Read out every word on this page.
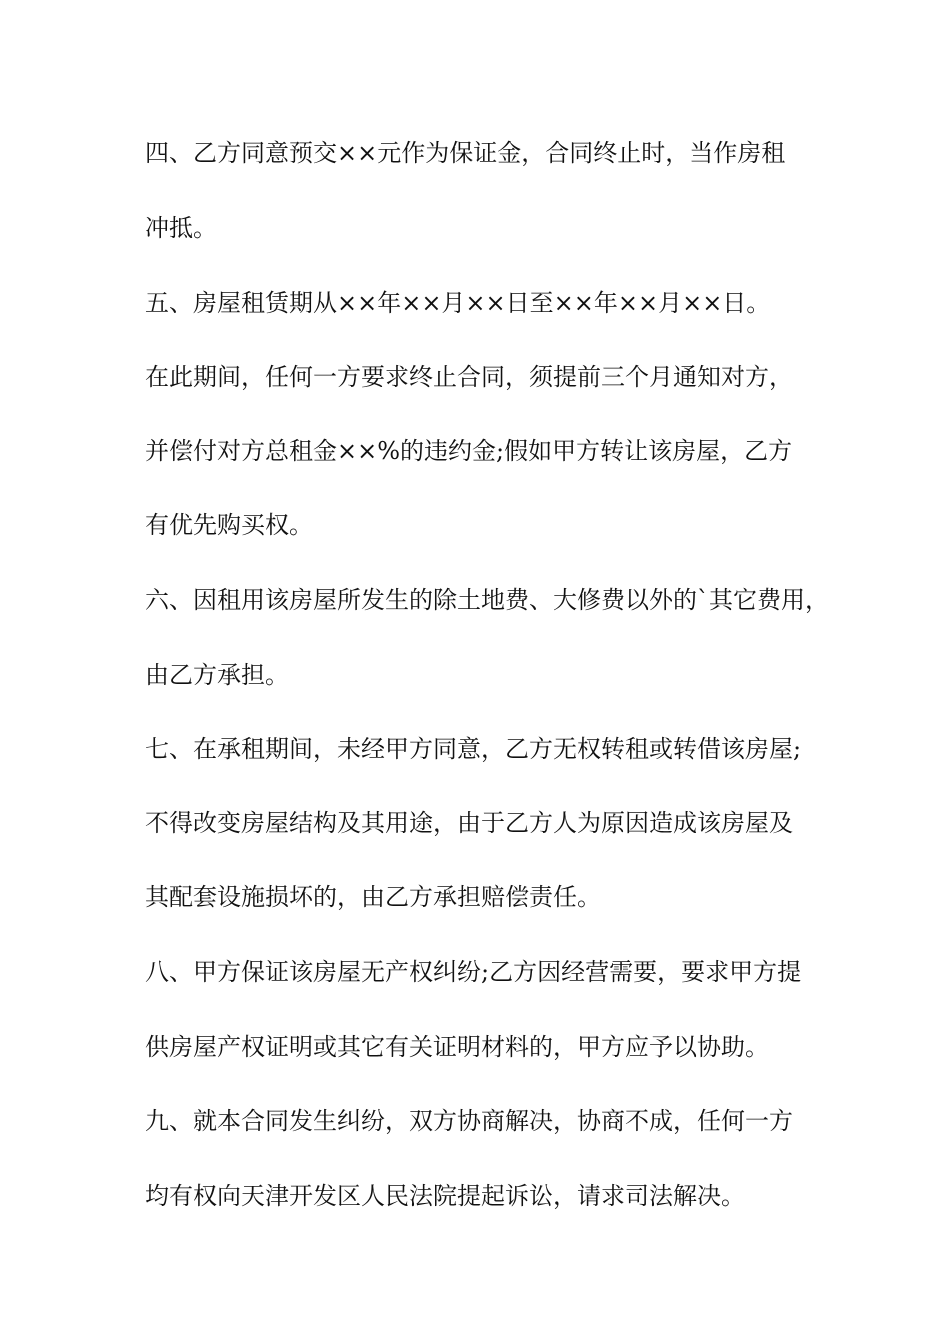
四、乙方同意预交××元作为保证金，合同终止时，当作房租
冲抵。
五、房屋租赁期从××年××月××日至××年××月××日。
在此期间，任何一方要求终止合同，须提前三个月通知对方，
并偿付对方总租金××%的违约金;假如甲方转让该房屋，乙方
有优先购买权。
六、因租用该房屋所发生的除土地费、大修费以外的`其它费用，
由乙方承担。
七、在承租期间，未经甲方同意，乙方无权转租或转借该房屋;
不得改变房屋结构及其用途，由于乙方人为原因造成该房屋及
其配套设施损坏的，由乙方承担赔偿责任。
八、甲方保证该房屋无产权纠纷;乙方因经营需要，要求甲方提
供房屋产权证明或其它有关证明材料的，甲方应予以协助。
九、就本合同发生纠纷，双方协商解决，协商不成，任何一方
均有权向天津开发区人民法院提起诉讼，请求司法解决。
